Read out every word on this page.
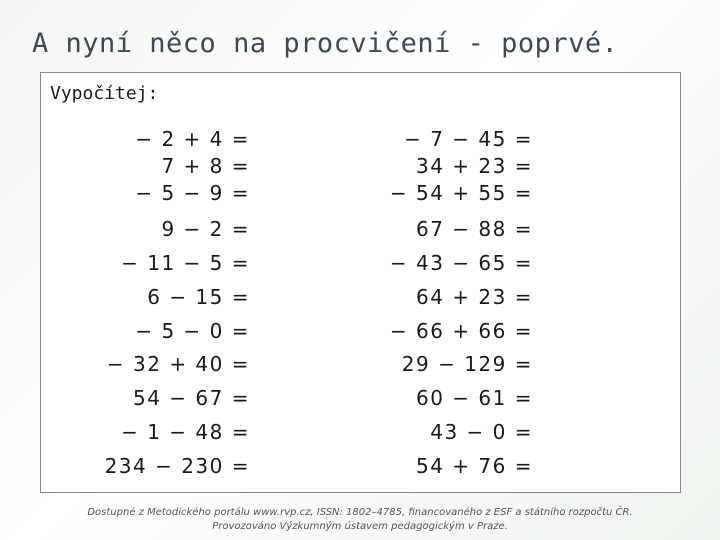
A nyní něco na procvičení - poprvé.
Vypočítej:
− 2 + 4 =
7 + 8 =
− 5 − 9 =
9 − 2 =
− 11 − 5 =
6 − 15 =
− 5 − 0 =
− 32 + 40 =
54 − 67 =
− 1 − 48 =
234 − 230 =
− 7 − 45 =
34 + 23 =
− 54 + 55 =
67 − 88 =
− 43 − 65 =
64 + 23 =
− 66 + 66 =
29 − 129 =
60 − 61 =
43 − 0 =
54 + 76 =
Dostupné z Metodického portálu www.rvp.cz, ISSN: 1802–4785, financovaného z ESF a státního rozpočtu ČR.
Provozováno Výzkumným ústavem pedagogickým v Praze.
